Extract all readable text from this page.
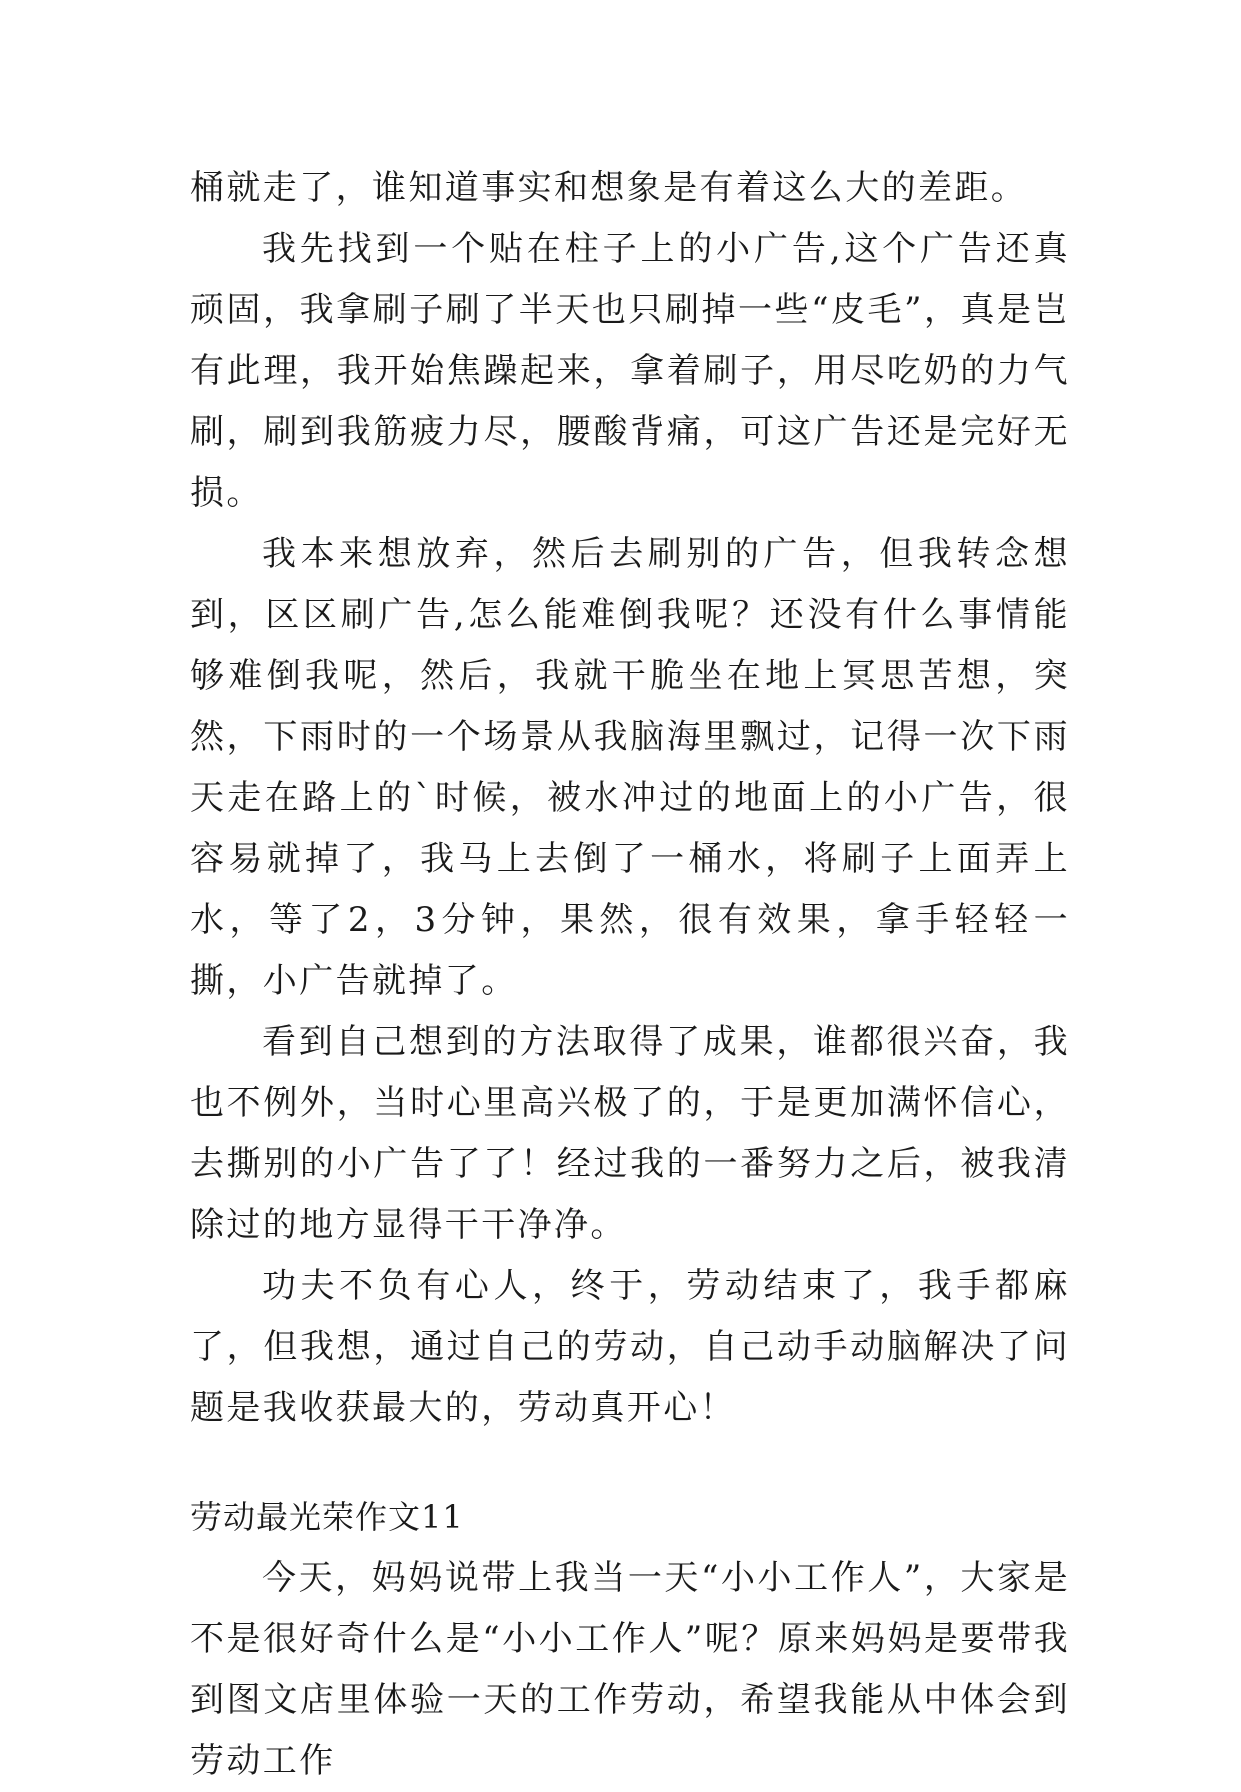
桶就走了，谁知道事实和想象是有着这么大的差距。

我先找到一个贴在柱子上的小广告,这个广告还真顽固，我拿刷子刷了半天也只刷掉一些“皮毛”，真是岂有此理，我开始焦躁起来，拿着刷子，用尽吃奶的力气刷，刷到我筋疲力尽，腰酸背痛，可这广告还是完好无损。

我本来想放弃，然后去刷别的广告，但我转念想到，区区刷广告,怎么能难倒我呢？还没有什么事情能够难倒我呢，然后，我就干脆坐在地上冥思苦想，突然，下雨时的一个场景从我脑海里飘过，记得一次下雨天走在路上的`时候，被水冲过的地面上的小广告，很容易就掉了，我马上去倒了一桶水，将刷子上面弄上水，等了2，3分钟，果然，很有效果，拿手轻轻一撕，小广告就掉了。

看到自己想到的方法取得了成果，谁都很兴奋，我也不例外，当时心里高兴极了的，于是更加满怀信心，去撕别的小广告了了！经过我的一番努力之后，被我清除过的地方显得干干净净。

功夫不负有心人，终于，劳动结束了，我手都麻了，但我想，通过自己的劳动，自己动手动脑解决了问题是我收获最大的，劳动真开心！

劳动最光荣作文11

今天，妈妈说带上我当一天“小小工作人”，大家是不是很好奇什么是“小小工作人”呢？原来妈妈是要带我到图文店里体验一天的工作劳动，希望我能从中体会到劳动工作
